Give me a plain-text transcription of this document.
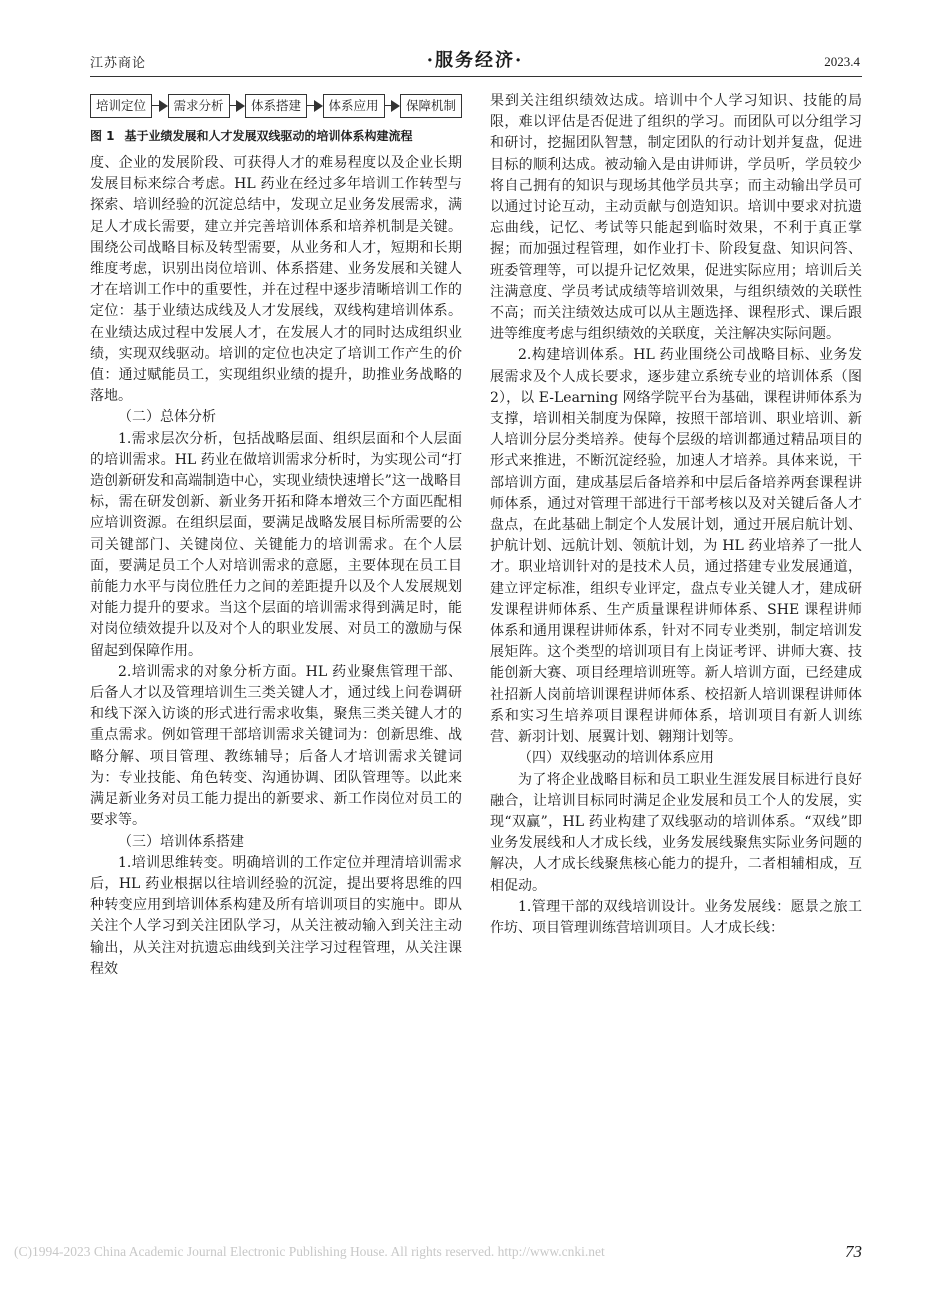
江苏商论	·服务经济·	2023.4
培训定位	需求分析	体系搭建	体系应用	保障机制
图 1 基于业绩发展和人才发展双线驱动的培训体系构建流程

度、企业的发展阶段、可获得人才的难易程度以及企业长期发展目标来综合考虑。HL 药业在经过多年培训工作转型与探索、培训经验的沉淀总结中，发现立足业务发展需求，满足人才成长需要，建立并完善培训体系和培养机制是关键。围绕公司战略目标及转型需要，从业务和人才，短期和长期维度考虑，识别出岗位培训、体系搭建、业务发展和关键人才在培训工作中的重要性，并在过程中逐步清晰培训工作的定位：基于业绩达成线及人才发展线，双线构建培训体系。在业绩达成过程中发展人才，在发展人才的同时达成组织业绩，实现双线驱动。培训的定位也决定了培训工作产生的价值：通过赋能员工，实现组织业绩的提升，助推业务战略的落地。

（二）总体分析

1.需求层次分析，包括战略层面、组织层面和个人层面的培训需求。HL 药业在做培训需求分析时，为实现公司“打造创新研发和高端制造中心，实现业绩快速增长”这一战略目标，需在研发创新、新业务开拓和降本增效三个方面匹配相应培训资源。在组织层面，要满足战略发展目标所需要的公司关键部门、关键岗位、关键能力的培训需求。在个人层面，要满足员工个人对培训需求的意愿，主要体现在员工目前能力水平与岗位胜任力之间的差距提升以及个人发展规划对能力提升的要求。当这个层面的培训需求得到满足时，能对岗位绩效提升以及对个人的职业发展、对员工的激励与保留起到保障作用。

2.培训需求的对象分析方面。HL 药业聚焦管理干部、后备人才以及管理培训生三类关键人才，通过线上问卷调研和线下深入访谈的形式进行需求收集，聚焦三类关键人才的重点需求。例如管理干部培训需求关键词为：创新思维、战略分解、项目管理、教练辅导；后备人才培训需求关键词为：专业技能、角色转变、沟通协调、团队管理等。以此来满足新业务对员工能力提出的新要求、新工作岗位对员工的要求等。

（三）培训体系搭建

1.培训思维转变。明确培训的工作定位并理清培训需求后，HL 药业根据以往培训经验的沉淀，提出要将思维的四种转变应用到培训体系构建及所有培训项目的实施中。即从关注个人学习到关注团队学习，从关注被动输入到关注主动输出，从关注对抗遗忘曲线到关注学习过程管理，从关注课程效

果到关注组织绩效达成。培训中个人学习知识、技能的局限，难以评估是否促进了组织的学习。而团队可以分组学习和研讨，挖掘团队智慧，制定团队的行动计划并复盘，促进目标的顺利达成。被动输入是由讲师讲，学员听，学员较少将自己拥有的知识与现场其他学员共享；而主动输出学员可以通过讨论互动，主动贡献与创造知识。培训中要求对抗遗忘曲线，记忆、考试等只能起到临时效果，不利于真正掌握；而加强过程管理，如作业打卡、阶段复盘、知识问答、班委管理等，可以提升记忆效果，促进实际应用；培训后关注满意度、学员考试成绩等培训效果，与组织绩效的关联性不高；而关注绩效达成可以从主题选择、课程形式、课后跟进等维度考虑与组织绩效的关联度，关注解决实际问题。

2.构建培训体系。HL 药业围绕公司战略目标、业务发展需求及个人成长要求，逐步建立系统专业的培训体系（图 2），以 E-Learning 网络学院平台为基础，课程讲师体系为支撑，培训相关制度为保障，按照干部培训、职业培训、新人培训分层分类培养。使每个层级的培训都通过精品项目的形式来推进，不断沉淀经验，加速人才培养。具体来说，干部培训方面，建成基层后备培养和中层后备培养两套课程讲师体系，通过对管理干部进行干部考核以及对关键后备人才盘点，在此基础上制定个人发展计划，通过开展启航计划、护航计划、远航计划、领航计划，为 HL 药业培养了一批人才。职业培训针对的是技术人员，通过搭建专业发展通道，建立评定标准，组织专业评定，盘点专业关键人才，建成研发课程讲师体系、生产质量课程讲师体系、SHE 课程讲师体系和通用课程讲师体系，针对不同专业类别，制定培训发展矩阵。这个类型的培训项目有上岗证考评、讲师大赛、技能创新大赛、项目经理培训班等。新人培训方面，已经建成社招新人岗前培训课程讲师体系、校招新人培训课程讲师体系和实习生培养项目课程讲师体系，培训项目有新人训练营、新羽计划、展翼计划、翱翔计划等。

（四）双线驱动的培训体系应用

为了将企业战略目标和员工职业生涯发展目标进行良好融合，让培训目标同时满足企业发展和员工个人的发展，实现“双赢”，HL 药业构建了双线驱动的培训体系。“双线”即业务发展线和人才成长线，业务发展线聚焦实际业务问题的解决，人才成长线聚焦核心能力的提升，二者相辅相成，互相促动。

1.管理干部的双线培训设计。业务发展线：愿景之旅工作坊、项目管理训练营培训项目。人才成长线：

(C)1994-2023 China Academic Journal Electronic Publishing House. All rights reserved. http://www.cnki.net	73
